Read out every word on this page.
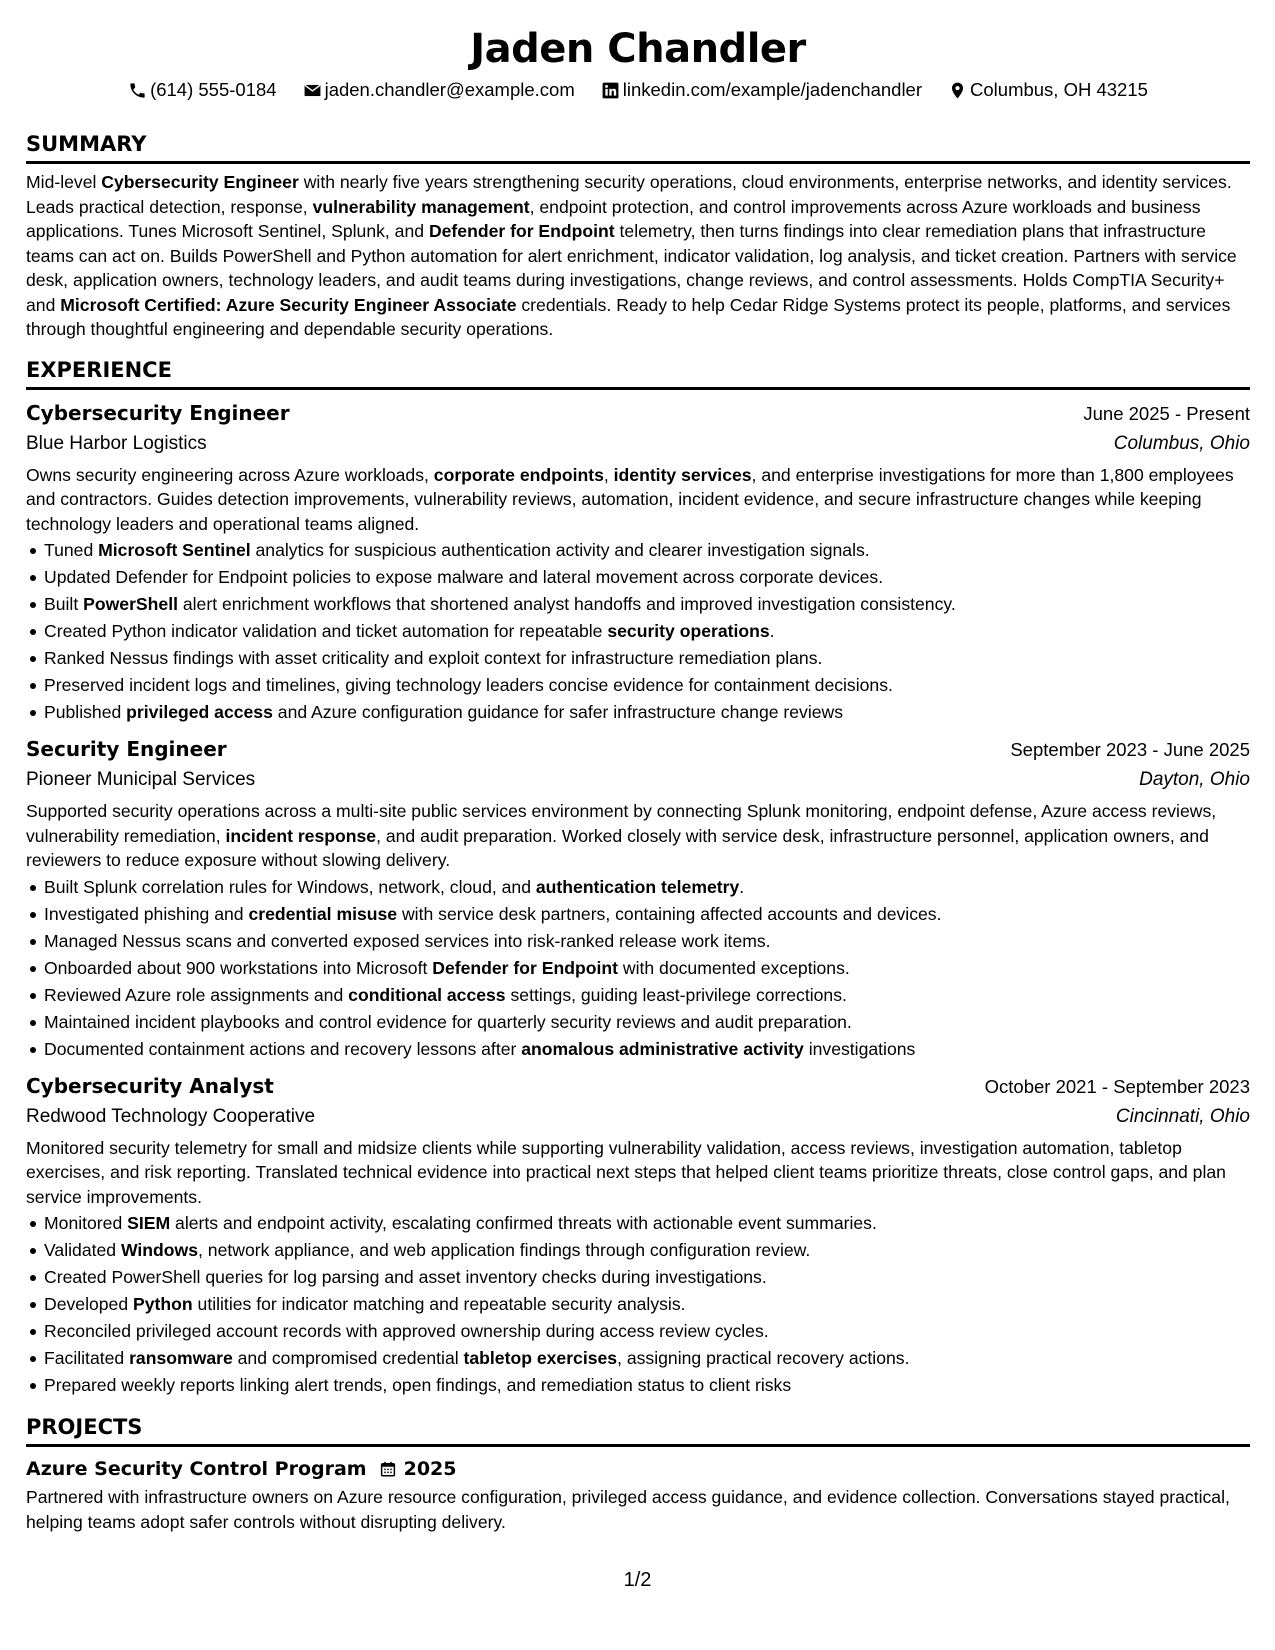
Jaden Chandler
(614) 555-0184	jaden.chandler@example.com	linkedin.com/example/jadenchandler	Columbus, OH 43215
SUMMARY
Mid-level Cybersecurity Engineer with nearly five years strengthening security operations, cloud environments, enterprise networks, and identity services. Leads practical detection, response, vulnerability management, endpoint protection, and control improvements across Azure workloads and business applications. Tunes Microsoft Sentinel, Splunk, and Defender for Endpoint telemetry, then turns findings into clear remediation plans that infrastructure teams can act on. Builds PowerShell and Python automation for alert enrichment, indicator validation, log analysis, and ticket creation. Partners with service desk, application owners, technology leaders, and audit teams during investigations, change reviews, and control assessments. Holds CompTIA Security+ and Microsoft Certified: Azure Security Engineer Associate credentials. Ready to help Cedar Ridge Systems protect its people, platforms, and services through thoughtful engineering and dependable security operations.
EXPERIENCE
Cybersecurity Engineer	June 2025 - Present
Blue Harbor Logistics	Columbus, Ohio
Owns security engineering across Azure workloads, corporate endpoints, identity services, and enterprise investigations for more than 1,800 employees and contractors. Guides detection improvements, vulnerability reviews, automation, incident evidence, and secure infrastructure changes while keeping technology leaders and operational teams aligned.
Tuned Microsoft Sentinel analytics for suspicious authentication activity and clearer investigation signals.
Updated Defender for Endpoint policies to expose malware and lateral movement across corporate devices.
Built PowerShell alert enrichment workflows that shortened analyst handoffs and improved investigation consistency.
Created Python indicator validation and ticket automation for repeatable security operations.
Ranked Nessus findings with asset criticality and exploit context for infrastructure remediation plans.
Preserved incident logs and timelines, giving technology leaders concise evidence for containment decisions.
Published privileged access and Azure configuration guidance for safer infrastructure change reviews
Security Engineer	September 2023 - June 2025
Pioneer Municipal Services	Dayton, Ohio
Supported security operations across a multi-site public services environment by connecting Splunk monitoring, endpoint defense, Azure access reviews, vulnerability remediation, incident response, and audit preparation. Worked closely with service desk, infrastructure personnel, application owners, and reviewers to reduce exposure without slowing delivery.
Built Splunk correlation rules for Windows, network, cloud, and authentication telemetry.
Investigated phishing and credential misuse with service desk partners, containing affected accounts and devices.
Managed Nessus scans and converted exposed services into risk-ranked release work items.
Onboarded about 900 workstations into Microsoft Defender for Endpoint with documented exceptions.
Reviewed Azure role assignments and conditional access settings, guiding least-privilege corrections.
Maintained incident playbooks and control evidence for quarterly security reviews and audit preparation.
Documented containment actions and recovery lessons after anomalous administrative activity investigations
Cybersecurity Analyst	October 2021 - September 2023
Redwood Technology Cooperative	Cincinnati, Ohio
Monitored security telemetry for small and midsize clients while supporting vulnerability validation, access reviews, investigation automation, tabletop exercises, and risk reporting. Translated technical evidence into practical next steps that helped client teams prioritize threats, close control gaps, and plan service improvements.
Monitored SIEM alerts and endpoint activity, escalating confirmed threats with actionable event summaries.
Validated Windows, network appliance, and web application findings through configuration review.
Created PowerShell queries for log parsing and asset inventory checks during investigations.
Developed Python utilities for indicator matching and repeatable security analysis.
Reconciled privileged account records with approved ownership during access review cycles.
Facilitated ransomware and compromised credential tabletop exercises, assigning practical recovery actions.
Prepared weekly reports linking alert trends, open findings, and remediation status to client risks
PROJECTS
Azure Security Control Program 2025
Partnered with infrastructure owners on Azure resource configuration, privileged access guidance, and evidence collection. Conversations stayed practical, helping teams adopt safer controls without disrupting delivery.
1/2
